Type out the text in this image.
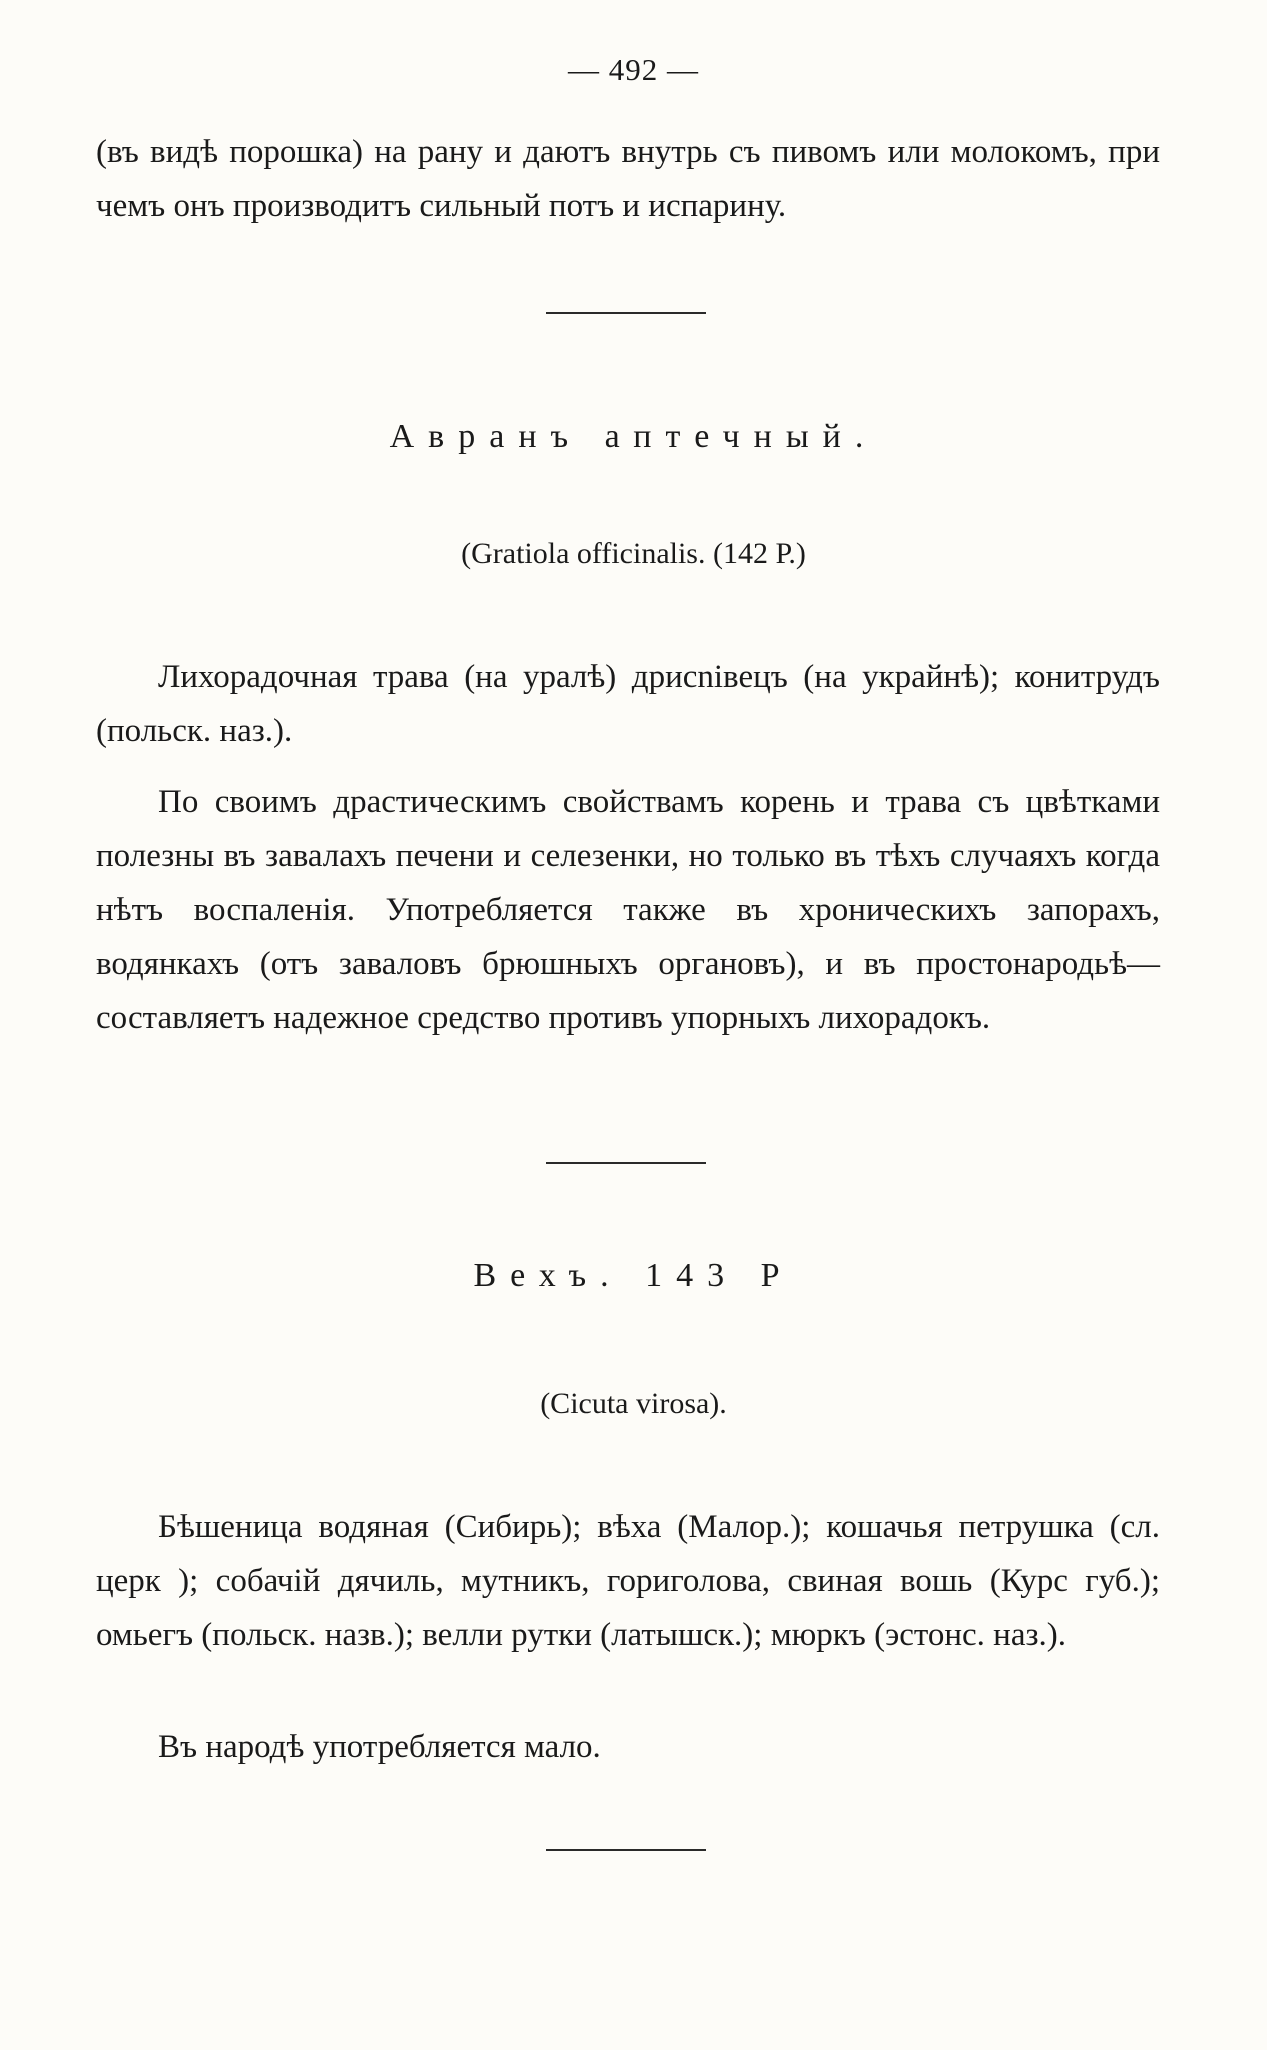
— 492 —

(въ видѣ порошка) на рану и даютъ внутрь съ пивомъ или молокомъ, при чемъ онъ производитъ сильный потъ и испарину.

Авранъ аптечный.

(Gratiola officinalis. (142 Р.)

Лихорадочная трава (на уралѣ) дрисniвецъ (на украйнѣ); конитрудъ (польск. наз.).

По своимъ драстическимъ свойствамъ корень и трава съ цвѣтками полезны въ завалахъ печени и селезенки, но только въ тѣхъ случаяхъ когда нѣтъ воспаленія. Употребляется также въ хроническихъ запорахъ, водянкахъ (отъ заваловъ брюшныхъ органовъ), и въ простонародьѣ—составляетъ надежное средство противъ упорныхъ лихорадокъ.

Вехъ. 143 Р

(Cicuta virosa).

Бѣшеница водяная (Сибирь); вѣха (Малор.); кошачья петрушка (сл. церк ); собачій дячиль, мутникъ, гориголова, свиная вошь (Курс губ.); омьегъ (польск. назв.); велли рутки (латышск.); мюркъ (эстонс. наз.).

Въ народѣ употребляется мало.
